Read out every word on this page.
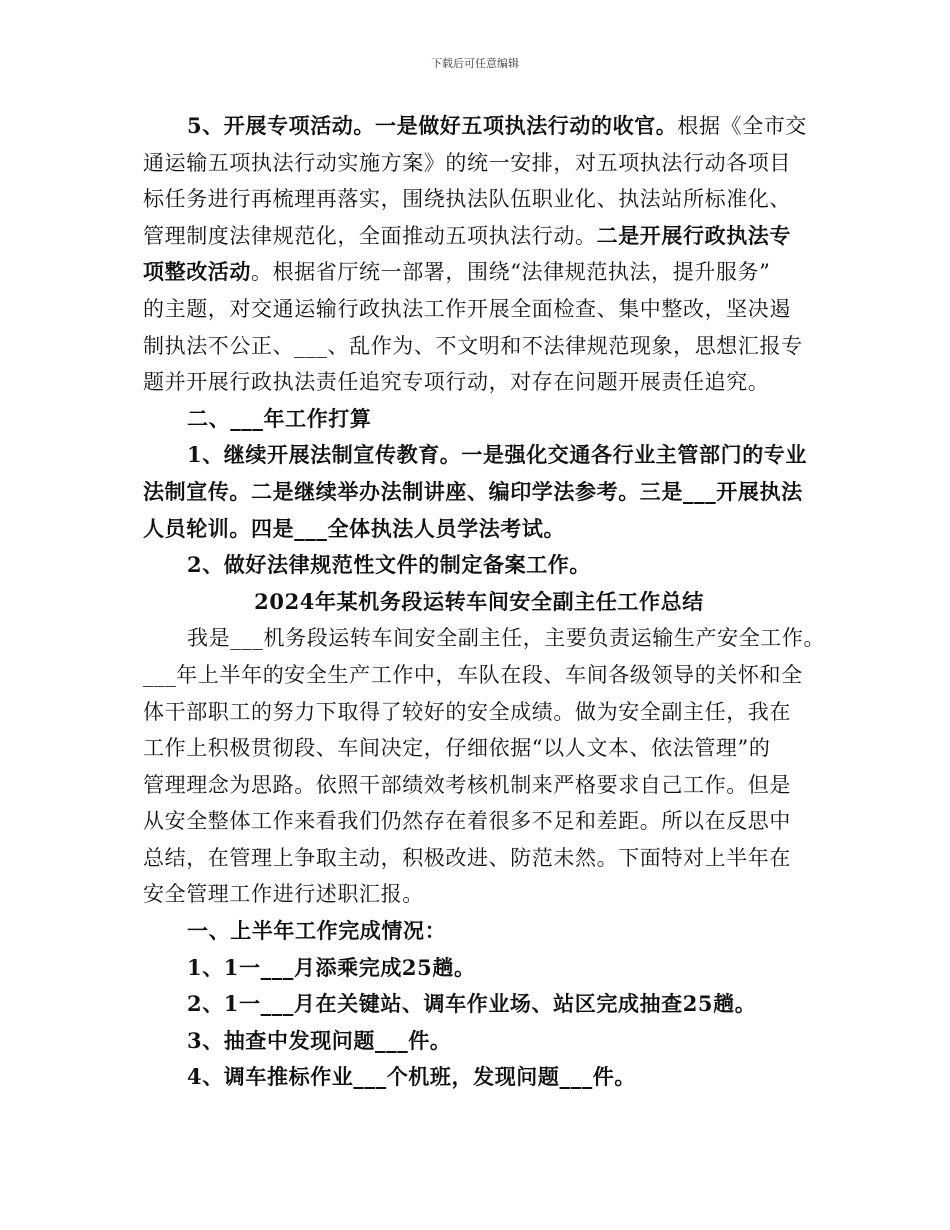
下载后可任意编辑
5、开展专项活动。一是做好五项执法行动的收官。根据《全市交
通运输五项执法行动实施方案》的统一安排，对五项执法行动各项目
标任务进行再梳理再落实，围绕执法队伍职业化、执法站所标准化、
管理制度法律规范化，全面推动五项执法行动。二是开展行政执法专
项整改活动。根据省厅统一部署，围绕“法律规范执法，提升服务”
的主题，对交通运输行政执法工作开展全面检查、集中整改，坚决遏
制执法不公正、___、乱作为、不文明和不法律规范现象，思想汇报专
题并开展行政执法责任追究专项行动，对存在问题开展责任追究。
二、___年工作打算
1、继续开展法制宣传教育。一是强化交通各行业主管部门的专业
法制宣传。二是继续举办法制讲座、编印学法参考。三是___开展执法
人员轮训。四是___全体执法人员学法考试。
2、做好法律规范性文件的制定备案工作。
2024年某机务段运转车间安全副主任工作总结
我是___机务段运转车间安全副主任，主要负责运输生产安全工作。
___年上半年的安全生产工作中，车队在段、车间各级领导的关怀和全
体干部职工的努力下取得了较好的安全成绩。做为安全副主任，我在
工作上积极贯彻段、车间决定，仔细依据“以人文本、依法管理”的
管理理念为思路。依照干部绩效考核机制来严格要求自己工作。但是
从安全整体工作来看我们仍然存在着很多不足和差距。所以在反思中
总结，在管理上争取主动，积极改进、防范未然。下面特对上半年在
安全管理工作进行述职汇报。
一、上半年工作完成情况：
1、1一___月添乘完成25趟。
2、1一___月在关键站、调车作业场、站区完成抽查25趟。
3、抽查中发现问题___件。
4、调车推标作业___个机班，发现问题___件。
